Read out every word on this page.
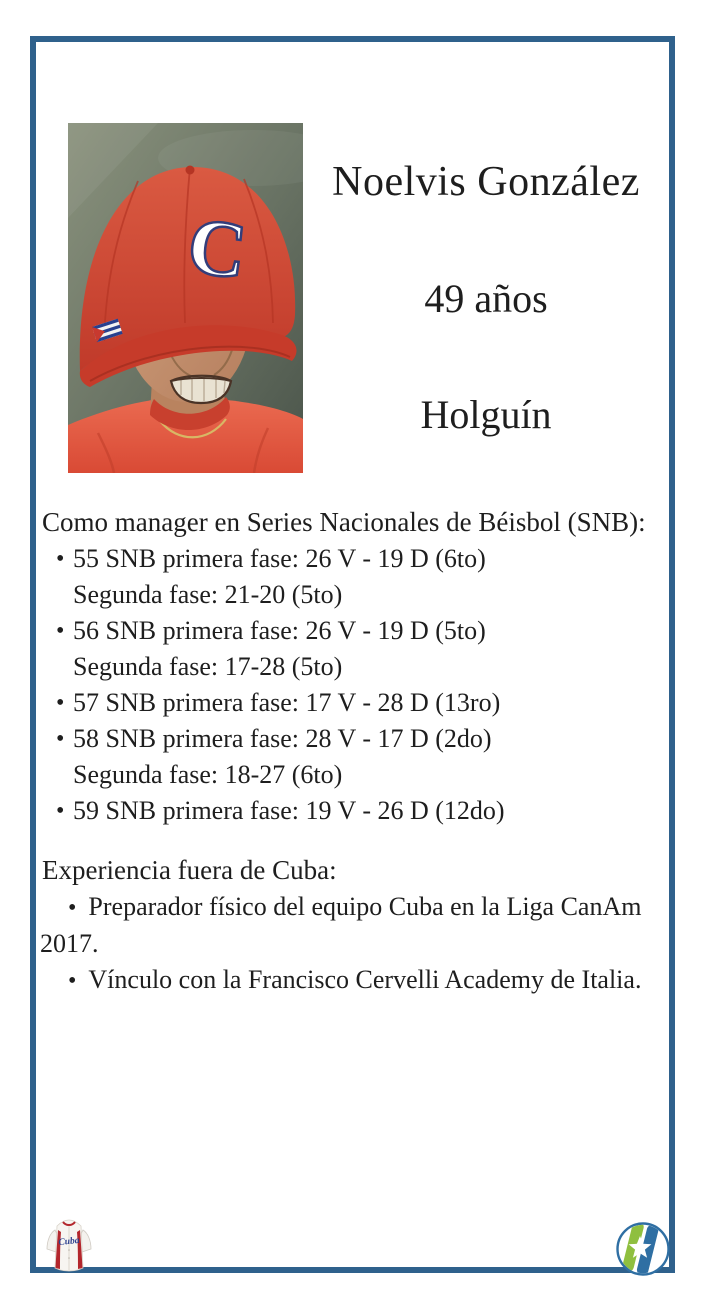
C
Noelvis González
49 años
Holguín
Como manager en Series Nacionales de Béisbol (SNB):
• 55 SNB primera fase: 26 V - 19 D (6to)
Segunda fase: 21-20 (5to)
• 56 SNB primera fase: 26 V - 19 D (5to)
Segunda fase: 17-28 (5to)
• 57 SNB primera fase: 17 V - 28 D (13ro)
• 58 SNB primera fase: 28 V - 17 D (2do)
Segunda fase: 18-27 (6to)
• 59 SNB primera fase: 19 V - 26 D (12do)
Experiencia fuera de Cuba:
• Preparador físico del equipo Cuba en la Liga CanAm 2017.
• Vínculo con la Francisco Cervelli Academy de Italia.
Cuba
